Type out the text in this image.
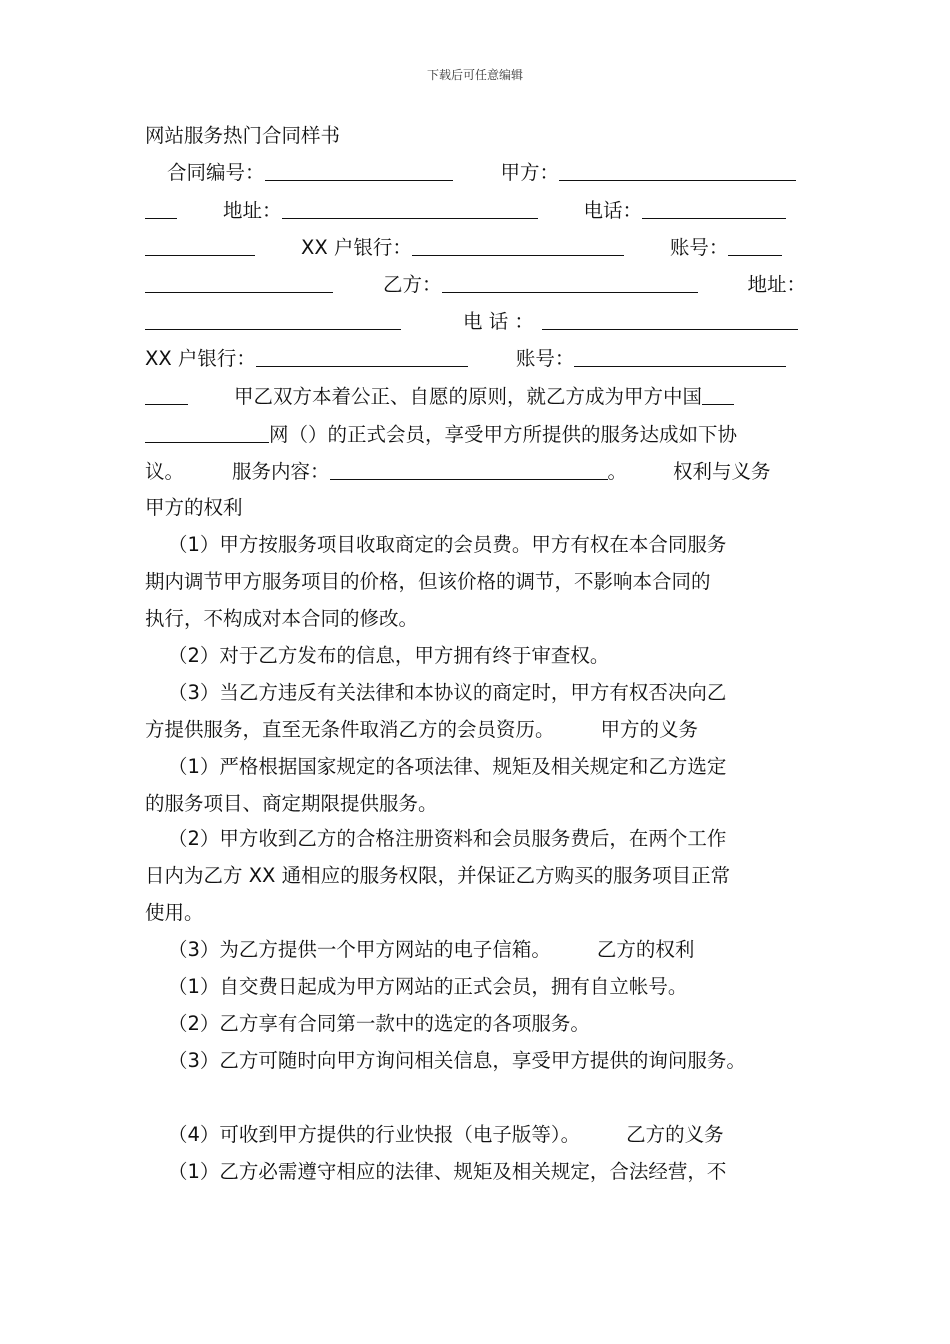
下载后可任意编辑
网站服务热门合同样书
合同编号：	甲方：
地址：	电话：
XX 户银行：	账号：
乙方：	地址：
电 话 ：
XX 户银行：	账号：
甲乙双方本着公正、自愿的原则，就乙方成为甲方中国
网（）的正式会员，享受甲方所提供的服务达成如下协
议。 服务内容：	。 权利与义务
甲方的权利
（1）甲方按服务项目收取商定的会员费。甲方有权在本合同服务
期内调节甲方服务项目的价格，但该价格的调节，不影响本合同的
执行，不构成对本合同的修改。
（2）对于乙方发布的信息，甲方拥有终于审查权。
（3）当乙方违反有关法律和本协议的商定时，甲方有权否决向乙
方提供服务，直至无条件取消乙方的会员资历。 甲方的义务
（1）严格根据国家规定的各项法律、规矩及相关规定和乙方选定
的服务项目、商定期限提供服务。
（2）甲方收到乙方的合格注册资料和会员服务费后，在两个工作
日内为乙方 XX 通相应的服务权限，并保证乙方购买的服务项目正常
使用。
（3）为乙方提供一个甲方网站的电子信箱。 乙方的权利
（1）自交费日起成为甲方网站的正式会员，拥有自立帐号。
（2）乙方享有合同第一款中的选定的各项服务。
（3）乙方可随时向甲方询问相关信息，享受甲方提供的询问服务。
（4）可收到甲方提供的行业快报（电子版等）。 乙方的义务
（1）乙方必需遵守相应的法律、规矩及相关规定，合法经营，不
